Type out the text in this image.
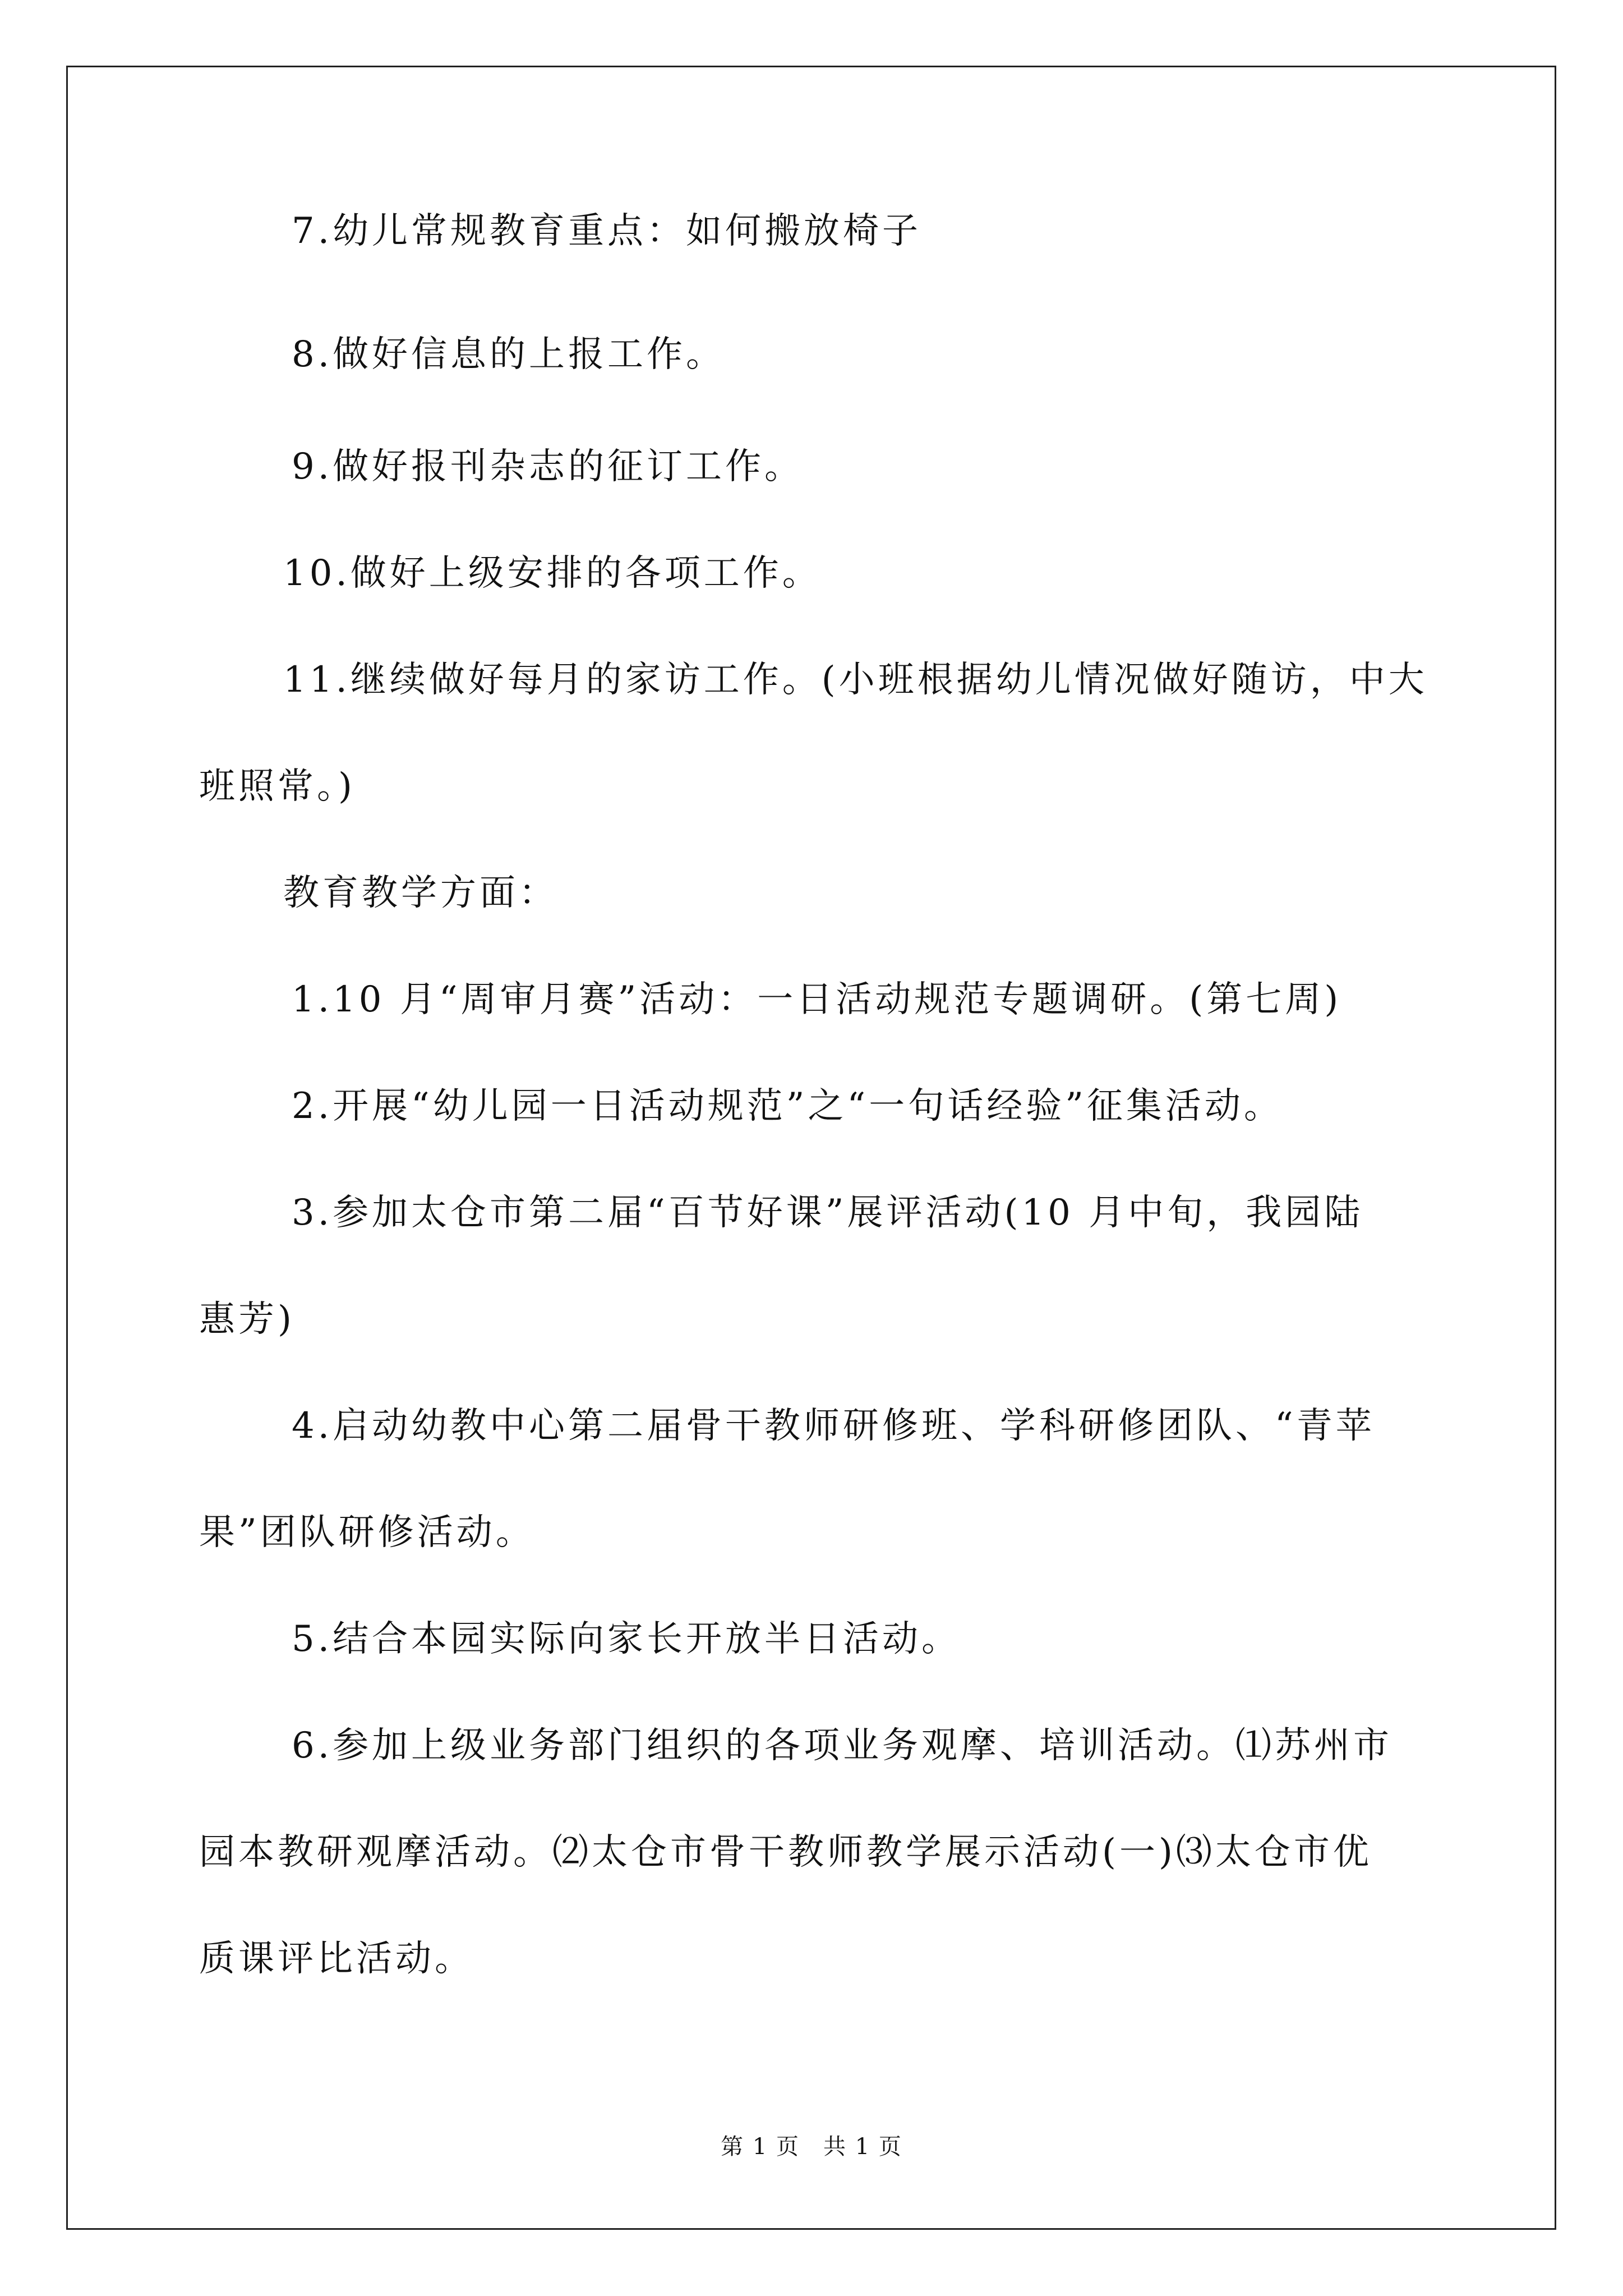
7.幼儿常规教育重点：如何搬放椅子
8.做好信息的上报工作。
9.做好报刊杂志的征订工作。
10.做好上级安排的各项工作。
11.继续做好每月的家访工作。(小班根据幼儿情况做好随访，中大
班照常。)
教育教学方面：
1.10 月“周审月赛”活动：一日活动规范专题调研。(第七周)
2.开展“幼儿园一日活动规范”之“一句话经验”征集活动。
3.参加太仓市第二届“百节好课”展评活动(10 月中旬，我园陆
惠芳)
4.启动幼教中心第二届骨干教师研修班、学科研修团队、“青苹
果”团队研修活动。
5.结合本园实际向家长开放半日活动。
6.参加上级业务部门组织的各项业务观摩、培训活动。⑴苏州市
园本教研观摩活动。⑵太仓市骨干教师教学展示活动(一)⑶太仓市优
质课评比活动。
第 1 页　共 1 页
